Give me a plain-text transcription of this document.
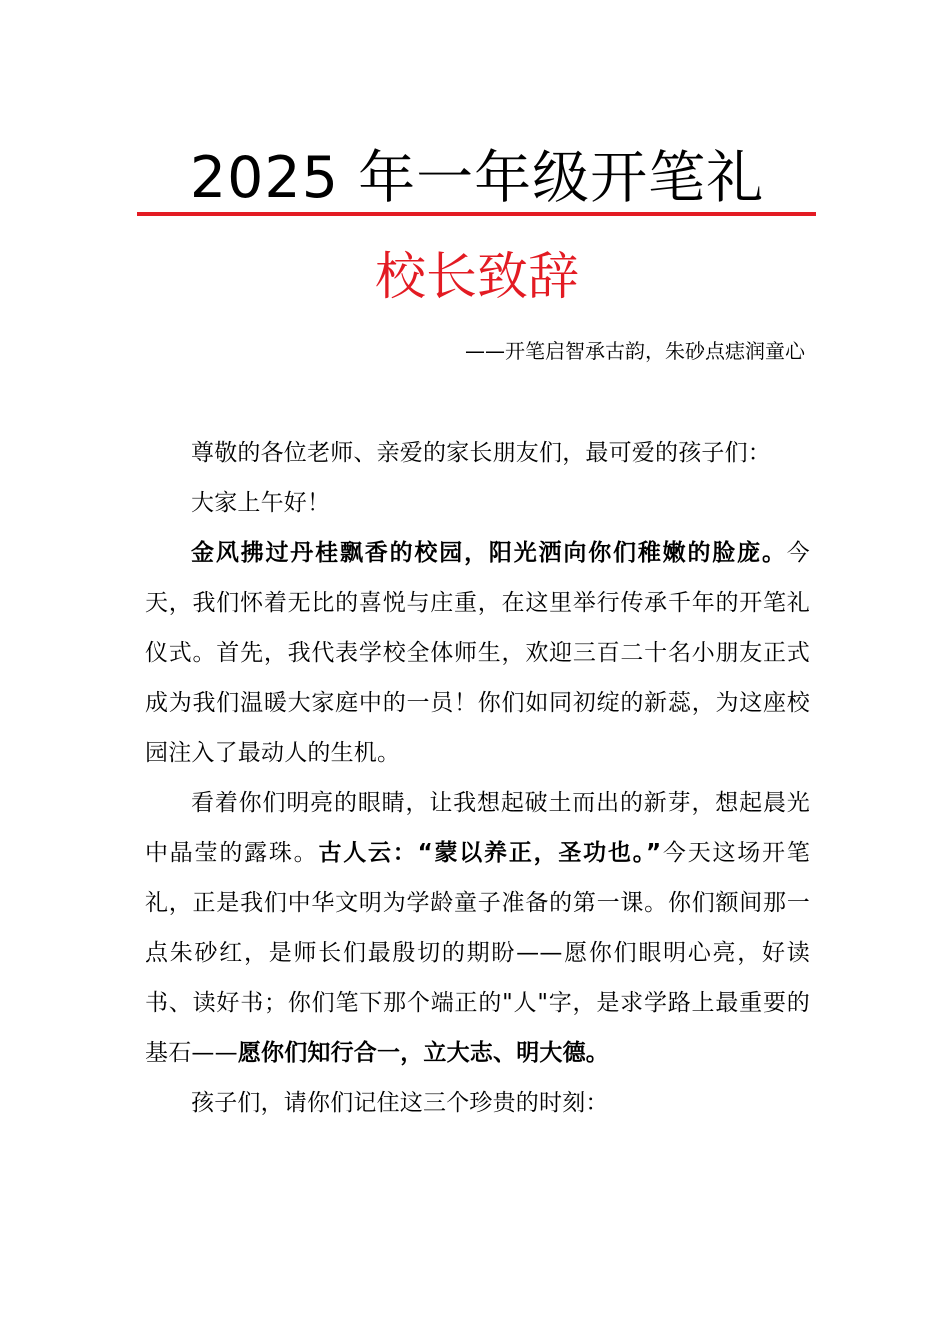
2025 年一年级开笔礼
校长致辞
——开笔启智承古韵，朱砂点痣润童心

尊敬的各位老师、亲爱的家长朋友们，最可爱的孩子们：

大家上午好！

金风拂过丹桂飘香的校园，阳光洒向你们稚嫩的脸庞。今天，我们怀着无比的喜悦与庄重，在这里举行传承千年的开笔礼仪式。首先，我代表学校全体师生，欢迎三百二十名小朋友正式成为我们温暖大家庭中的一员！你们如同初绽的新蕊，为这座校园注入了最动人的生机。

看着你们明亮的眼睛，让我想起破土而出的新芽，想起晨光中晶莹的露珠。古人云：“蒙以养正，圣功也。”今天这场开笔礼，正是我们中华文明为学龄童子准备的第一课。你们额间那一点朱砂红，是师长们最殷切的期盼——愿你们眼明心亮，好读书、读好书；你们笔下那个端正的"人"字，是求学路上最重要的基石——愿你们知行合一，立大志、明大德。

孩子们，请你们记住这三个珍贵的时刻：
